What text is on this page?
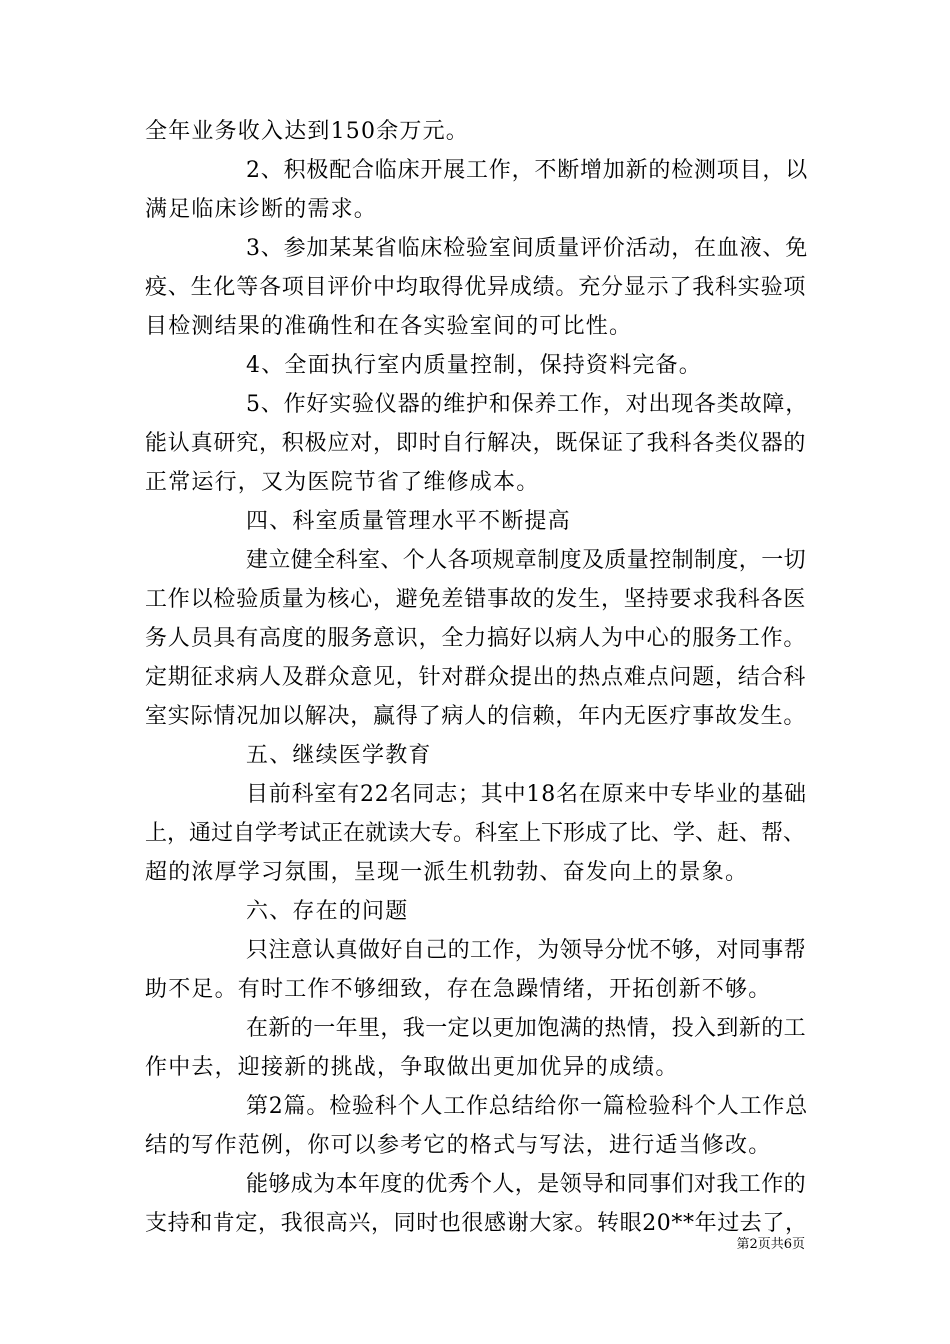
全年业务收入达到150余万元。
2、积极配合临床开展工作，不断增加新的检测项目，以
满足临床诊断的需求。
3、参加某某省临床检验室间质量评价活动，在血液、免
疫、生化等各项目评价中均取得优异成绩。充分显示了我科实验项
目检测结果的准确性和在各实验室间的可比性。
4、全面执行室内质量控制，保持资料完备。
5、作好实验仪器的维护和保养工作，对出现各类故障，
能认真研究，积极应对，即时自行解决，既保证了我科各类仪器的
正常运行，又为医院节省了维修成本。
四、科室质量管理水平不断提高
建立健全科室、个人各项规章制度及质量控制制度，一切
工作以检验质量为核心，避免差错事故的发生，坚持要求我科各医
务人员具有高度的服务意识，全力搞好以病人为中心的服务工作。
定期征求病人及群众意见，针对群众提出的热点难点问题，结合科
室实际情况加以解决，赢得了病人的信赖，年内无医疗事故发生。
五、继续医学教育
目前科室有22名同志；其中18名在原来中专毕业的基础
上，通过自学考试正在就读大专。科室上下形成了比、学、赶、帮、
超的浓厚学习氛围，呈现一派生机勃勃、奋发向上的景象。
六、存在的问题
只注意认真做好自己的工作，为领导分忧不够，对同事帮
助不足。有时工作不够细致，存在急躁情绪，开拓创新不够。
在新的一年里，我一定以更加饱满的热情，投入到新的工
作中去，迎接新的挑战，争取做出更加优异的成绩。
第2篇。检验科个人工作总结给你一篇检验科个人工作总
结的写作范例，你可以参考它的格式与写法，进行适当修改。
能够成为本年度的优秀个人，是领导和同事们对我工作的
支持和肯定，我很高兴，同时也很感谢大家。转眼20**年过去了，
第2页共6页
